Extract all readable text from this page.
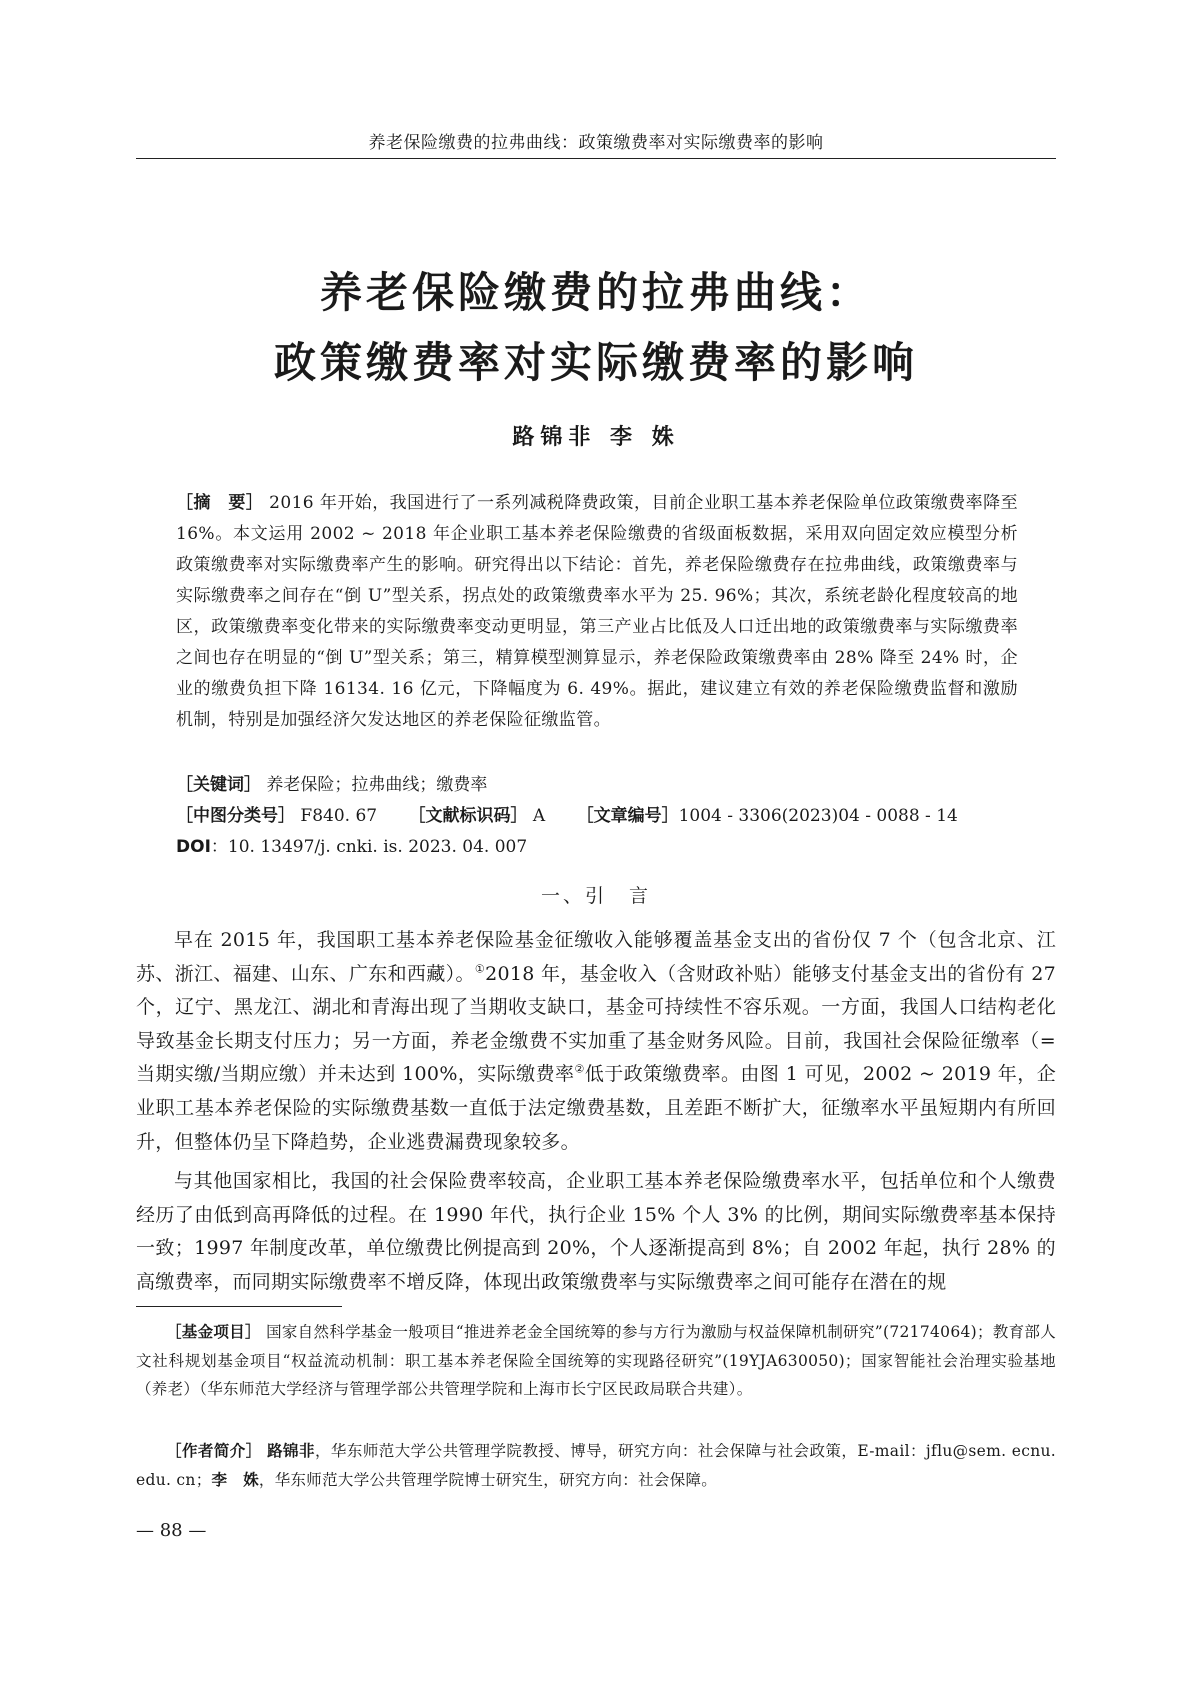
养老保险缴费的拉弗曲线：政策缴费率对实际缴费率的影响
养老保险缴费的拉弗曲线：
政策缴费率对实际缴费率的影响
路锦非 李 姝
［摘　要］ 2016 年开始，我国进行了一系列减税降费政策，目前企业职工基本养老保险单位政策缴费率降至 16%。本文运用 2002 ~ 2018 年企业职工基本养老保险缴费的省级面板数据，采用双向固定效应模型分析政策缴费率对实际缴费率产生的影响。研究得出以下结论：首先，养老保险缴费存在拉弗曲线，政策缴费率与实际缴费率之间存在“倒 U”型关系，拐点处的政策缴费率水平为 25. 96%；其次，系统老龄化程度较高的地区，政策缴费率变化带来的实际缴费率变动更明显，第三产业占比低及人口迁出地的政策缴费率与实际缴费率之间也存在明显的“倒 U”型关系；第三，精算模型测算显示，养老保险政策缴费率由 28% 降至 24% 时，企业的缴费负担下降 16134. 16 亿元，下降幅度为 6. 49%。据此，建议建立有效的养老保险缴费监督和激励机制，特别是加强经济欠发达地区的养老保险征缴监管。
［关键词］ 养老保险；拉弗曲线；缴费率
［中图分类号］ F840. 67 ［文献标识码］ A ［文章编号］1004 - 3306(2023)04 - 0088 - 14
DOI：10. 13497/j. cnki. is. 2023. 04. 007
一、引　言
早在 2015 年，我国职工基本养老保险基金征缴收入能够覆盖基金支出的省份仅 7 个（包含北京、江苏、浙江、福建、山东、广东和西藏）。①2018 年，基金收入（含财政补贴）能够支付基金支出的省份有 27 个，辽宁、黑龙江、湖北和青海出现了当期收支缺口，基金可持续性不容乐观。一方面，我国人口结构老化导致基金长期支付压力；另一方面，养老金缴费不实加重了基金财务风险。目前，我国社会保险征缴率（= 当期实缴/当期应缴）并未达到 100%，实际缴费率②低于政策缴费率。由图 1 可见，2002 ~ 2019 年，企业职工基本养老保险的实际缴费基数一直低于法定缴费基数，且差距不断扩大，征缴率水平虽短期内有所回升，但整体仍呈下降趋势，企业逃费漏费现象较多。
与其他国家相比，我国的社会保险费率较高，企业职工基本养老保险缴费率水平，包括单位和个人缴费经历了由低到高再降低的过程。在 1990 年代，执行企业 15% 个人 3% 的比例，期间实际缴费率基本保持一致；1997 年制度改革，单位缴费比例提高到 20%，个人逐渐提高到 8%；自 2002 年起，执行 28% 的高缴费率，而同期实际缴费率不增反降，体现出政策缴费率与实际缴费率之间可能存在潜在的规
［基金项目］ 国家自然科学基金一般项目“推进养老金全国统筹的参与方行为激励与权益保障机制研究”(72174064)；教育部人文社科规划基金项目“权益流动机制：职工基本养老保险全国统筹的实现路径研究”(19YJA630050)；国家智能社会治理实验基地（养老）（华东师范大学经济与管理学部公共管理学院和上海市长宁区民政局联合共建）。
［作者简介］ 路锦非，华东师范大学公共管理学院教授、博导，研究方向：社会保障与社会政策，E-mail：jflu@sem. ecnu. edu. cn；李　姝，华东师范大学公共管理学院博士研究生，研究方向：社会保障。
— 88 —
